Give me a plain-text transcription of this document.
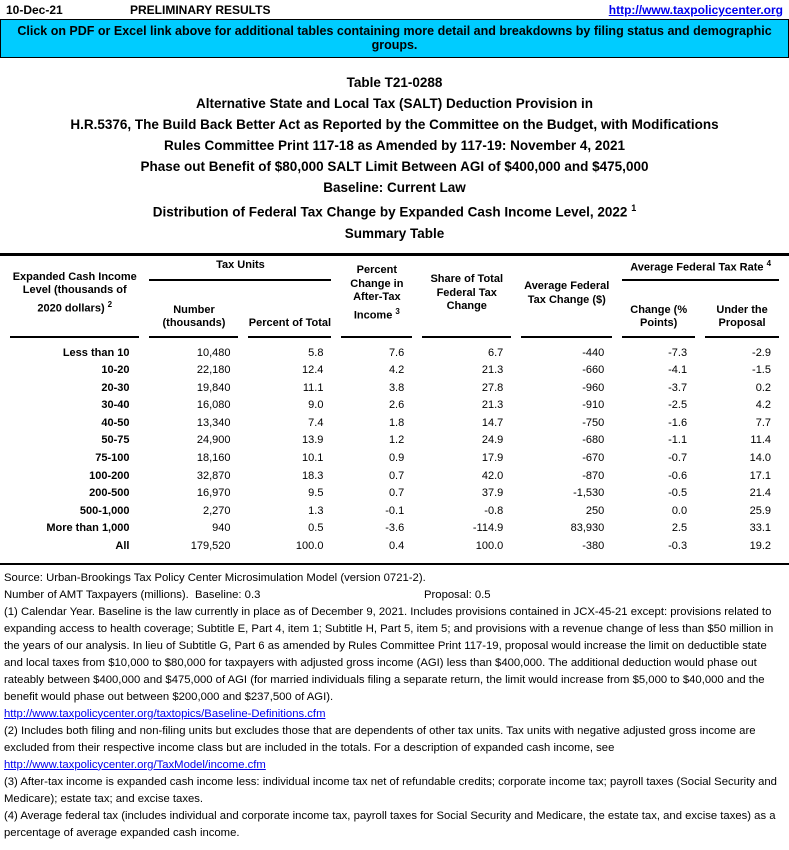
10-Dec-21	PRELIMINARY RESULTS	http://www.taxpolicycenter.org
Click on PDF or Excel link above for additional tables containing more detail and breakdowns by filing status and demographic groups.
Table T21-0288
Alternative State and Local Tax (SALT) Deduction Provision in
H.R.5376, The Build Back Better Act as Reported by the Committee on the Budget, with Modifications
Rules Committee Print 117-18 as Amended by 117-19: November 4, 2021
Phase out Benefit of $80,000 SALT Limit Between AGI of $400,000 and $475,000
Baseline: Current Law
Distribution of Federal Tax Change by Expanded Cash Income Level, 2022 $^1$
Summary Table
Expanded Cash Income Level (thousands of 2020 dollars) $^2$	Tax Units		Percent Change in After-Tax Income $^3$	Share of Total Federal Tax Change	Average Federal Tax Change ($)	Average Federal Tax Rate $^4$
	Number (thousands)	Percent of Total				Change (% Points)	Under the Proposal
Less than 10	10,480	5.8	7.6	6.7	-440	-7.3	-2.9
10-20	22,180	12.4	4.2	21.3	-660	-4.1	-1.5
20-30	19,840	11.1	3.8	27.8	-960	-3.7	0.2
30-40	16,080	9.0	2.6	21.3	-910	-2.5	4.2
40-50	13,340	7.4	1.8	14.7	-750	-1.6	7.7
50-75	24,900	13.9	1.2	24.9	-680	-1.1	11.4
75-100	18,160	10.1	0.9	17.9	-670	-0.7	14.0
100-200	32,870	18.3	0.7	42.0	-870	-0.6	17.1
200-500	16,970	9.5	0.7	37.9	-1,530	-0.5	21.4
500-1,000	2,270	1.3	-0.1	-0.8	250	0.0	25.9
More than 1,000	940	0.5	-3.6	-114.9	83,930	2.5	33.1
All	179,520	100.0	0.4	100.0	-380	-0.3	19.2

Source: Urban-Brookings Tax Policy Center Microsimulation Model (version 0721-2).

Number of AMT Taxpayers (millions).  Baseline: 0.3	Proposal: 0.5

(1) Calendar Year. Baseline is the law currently in place as of December 9, 2021. Includes provisions contained in JCX-45-21 except: provisions related to expanding access to health coverage; Subtitle E, Part 4, item 1; Subtitle H, Part 5, item 5; and provisions with a revenue change of less than $50 million in the years of our analysis. In lieu of Subtitle G, Part 6 as amended by Rules Committee Print 117-19, proposal would increase the limit on deductible state and local taxes from $10,000 to $80,000 for taxpayers with adjusted gross income (AGI) less than $400,000. The additional deduction would phase out rateably between $400,000 and $475,000 of AGI (for married individuals filing a separate return, the limit would increase from $5,000 to $40,000 and the benefit would phase out between $200,000 and $237,500 of AGI).

http://www.taxpolicycenter.org/taxtopics/Baseline-Definitions.cfm

(2) Includes both filing and non-filing units but excludes those that are dependents of other tax units. Tax units with negative adjusted gross income are excluded from their respective income class but are included in the totals. For a description of expanded cash income, see

http://www.taxpolicycenter.org/TaxModel/income.cfm

(3) After-tax income is expanded cash income less: individual income tax net of refundable credits; corporate income tax; payroll taxes (Social Security and Medicare); estate tax; and excise taxes.

(4) Average federal tax (includes individual and corporate income tax, payroll taxes for Social Security and Medicare, the estate tax, and excise taxes) as a percentage of average expanded cash income.
